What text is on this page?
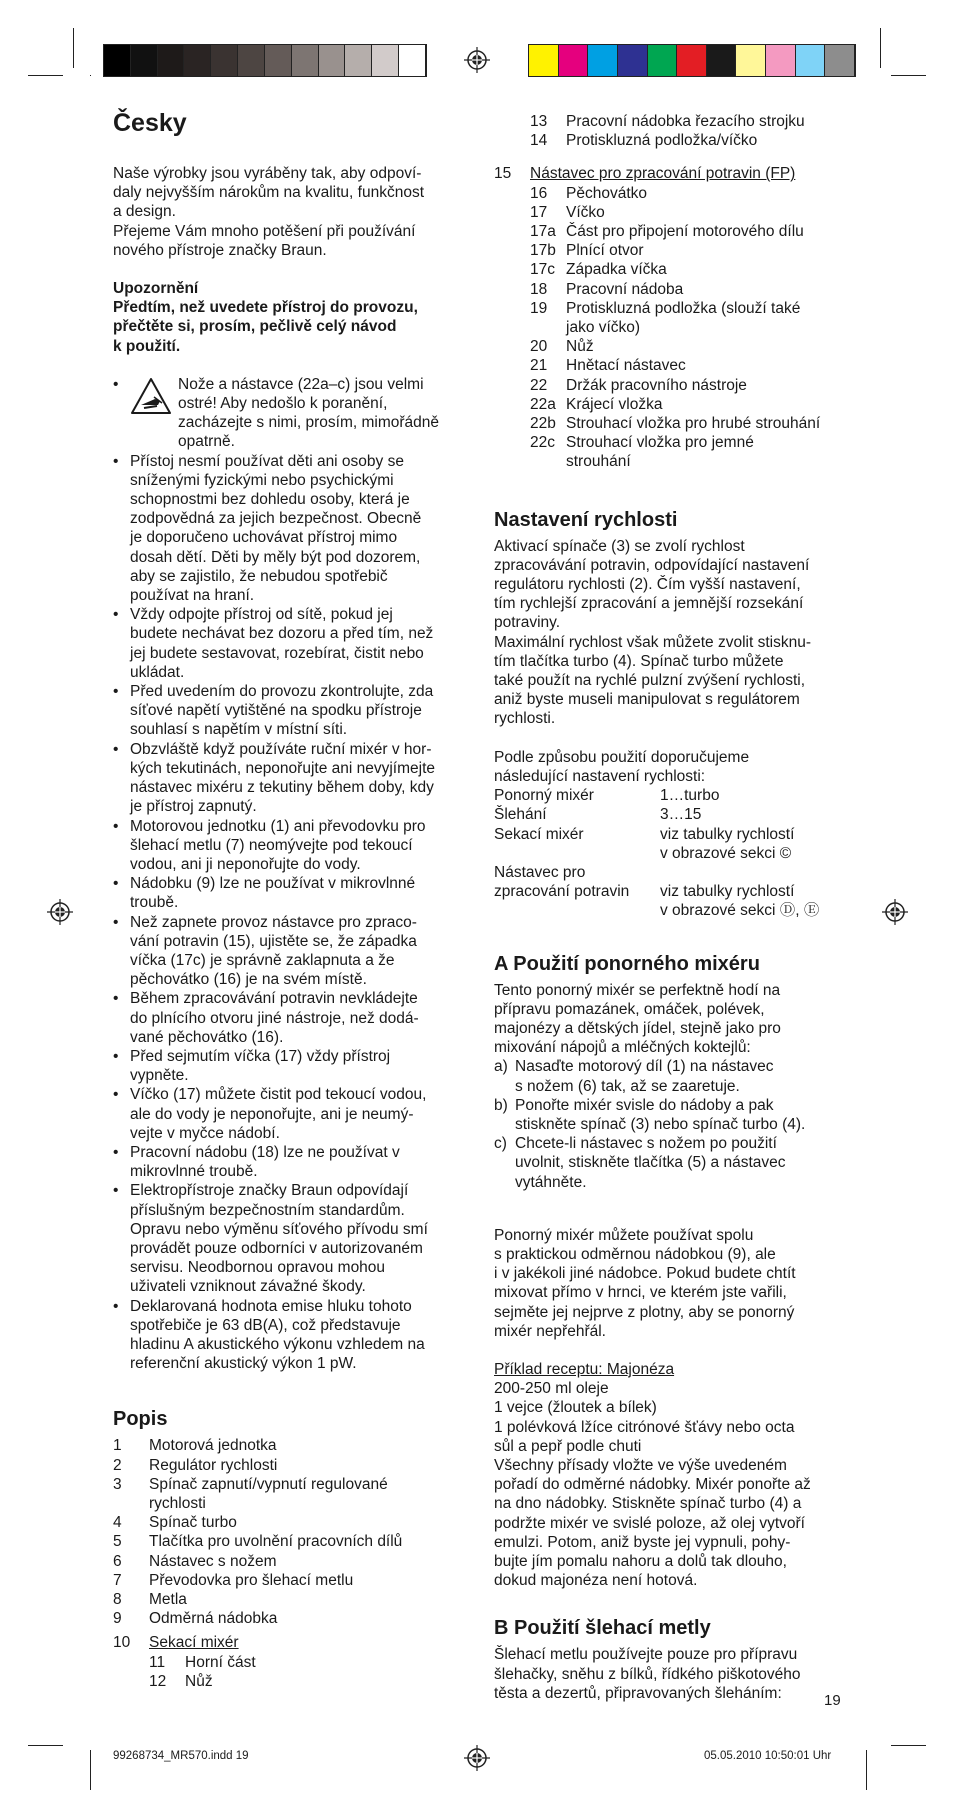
Česky

Naše výrobky jsou vyráběny tak, aby odpoví-

daly nejvyšším nárokům na kvalitu, funkčnost

a design.

Přejeme Vám mnoho potěšení při používání

nového přístroje značky Braun.

Upozornění

Předtím, než uvedete přístroj do provozu,

přečtěte si, prosím, pečlivě celý návod

k použití.

• Nože a nástavce (22a–c) jsou velmi

ostré! Aby nedošlo k poranění,

zacházejte s nimi, prosím, mimořádně

opatrně.

• Přístoj nesmí používat děti ani osoby se

sníženými fyzickými nebo psychickými

schopnostmi bez dohledu osoby, která je

zodpovědná za jejich bezpečnost. Obecně

je doporučeno uchovávat přístroj mimo

dosah dětí. Děti by měly být pod dozorem,

aby se zajistilo, že nebudou spotřebič

používat na hraní.

• Vždy odpojte přístroj od sítě, pokud jej

budete nechávat bez dozoru a před tím, než

jej budete sestavovat, rozebírat, čistit nebo

ukládat.

• Před uvedením do provozu zkontrolujte, zda

síťové napětí vytištěné na spodku přístroje

souhlasí s napětím v místní síti.

• Obzvláště když používáte ruční mixér v hor-

kých tekutinách, neponořujte ani nevyjímejte

nástavec mixéru z tekutiny během doby, kdy

je přístroj zapnutý.

• Motorovou jednotku (1) ani převodovku pro

šlehací metlu (7) neomývejte pod tekoucí

vodou, ani ji neponořujte do vody.

• Nádobku (9) lze ne používat v mikrovlnné

troubě.

• Než zapnete provoz nástavce pro zpraco-

vání potravin (15), ujistěte se, že západka

víčka (17c) je správně zaklapnuta a že

pěchovátko (16) je na svém místě.

• Během zpracovávání potravin nevkládejte

do plnícího otvoru jiné nástroje, než dodá-

vané pěchovátko (16).

• Před sejmutím víčka (17) vždy přístroj

vypněte.

• Víčko (17) můžete čistit pod tekoucí vodou,

ale do vody je neponořujte, ani je neumý-

vejte v myčce nádobí.

• Pracovní nádobu (18) lze ne používat v

mikrovlnné troubě.

• Elektropřístroje značky Braun odpovídají

příslušným bezpečnostním standardům.

Opravu nebo výměnu síťového přívodu smí

provádět pouze odborníci v autorizovaném

servisu. Neodbornou opravou mohou

uživateli vzniknout závažné škody.

• Deklarovaná hodnota emise hluku tohoto

spotřebiče je 63 dB(A), což představuje

hladinu A akustického výkonu vzhledem na

referenční akustický výkon 1 pW.

Popis
1	Motorová jednotka
2	Regulátor rychlosti
3	Spínač zapnutí/vypnutí regulované
rychlosti
4	Spínač turbo
5	Tlačítka pro uvolnění pracovních dílů
6	Nástavec s nožem
7	Převodovka pro šlehací metlu
8	Metla
9	Odměrná nádobka
10	Sekací mixér
11	Horní část
12	Nůž
13	Pracovní nádobka řezacího strojku
14	Protiskluzná podložka/víčko
15	Nástavec pro zpracování potravin (FP)
16	Pěchovátko
17	Víčko
17a Část pro připojení motorového dílu
17b Plnící otvor
17c Západka víčka
18	Pracovní nádoba
19	Protiskluzná podložka (slouží také
jako víčko)
20	Nůž
21	Hnětací nástavec
22	Držák pracovního nástroje
22a Krájecí vložka
22b Strouhací vložka pro hrubé strouhání
22c Strouhací vložka pro jemné
strouhání
Nastavení rychlosti

Aktivací spínače (3) se zvolí rychlost

zpracovávání potravin, odpovídající nastavení

regulátoru rychlosti (2). Čím vyšší nastavení,

tím rychlejší zpracování a jemnější rozsekání

potraviny.

Maximální rychlost však můžete zvolit stisknu-

tím tlačítka turbo (4). Spínač turbo můžete

také použít na rychlé pulzní zvýšení rychlosti,

aniž byste museli manipulovat s regulátorem

rychlosti.

Podle způsobu použití doporučujeme

následující nastavení rychlosti:

Ponorný mixér	1…turbo
Šlehání	3…15
Sekací mixér	viz tabulky rychlostí

v obrazové sekci ©
Nástavec pro

zpracování potravin	viz tabulky rychlostí

v obrazové sekci Ⓓ, Ⓔ
A Použití ponorného mixéru

Tento ponorný mixér se perfektně hodí na

přípravu pomazánek, omáček, polévek,

majonézy a dětských jídel, stejně jako pro

mixování nápojů a mléčných koktejlů:

a) Nasaďte motorový díl (1) na nástavec
s nožem (6) tak, až se zaaretuje.
b) Ponořte mixér svisle do nádoby a pak
stiskněte spínač (3) nebo spínač turbo (4).
c) Chcete-li nástavec s nožem po použití
uvolnit, stiskněte tlačítka (5) a nástavec
vytáhněte.

Ponorný mixér můžete používat spolu

s praktickou odměrnou nádobkou (9), ale

i v jakékoli jiné nádobce. Pokud budete chtít

mixovat přímo v hrnci, ve kterém jste vařili,

sejměte jej nejprve z plotny, aby se ponorný

mixér nepřehřál.

Příklad receptu: Majonéza

200-250 ml oleje

1 vejce (žloutek a bílek)

1 polévková lžíce citrónové šťávy nebo octa

sůl a pepř podle chuti

Všechny přísady vložte ve výše uvedeném

pořadí do odměrné nádobky. Mixér ponořte až

na dno nádobky. Stiskněte spínač turbo (4) a

podržte mixér ve svislé poloze, až olej vytvoří

emulzi. Potom, aniž byste jej vypnuli, pohy-

bujte jím pomalu nahoru a dolů tak dlouho,

dokud majonéza není hotová.

B Použití šlehací metly

Šlehací metlu používejte pouze pro přípravu

šlehačky, sněhu z bílků, řídkého piškotového

těsta a dezertů, připravovaných šleháním:	19
99268734_MR570.indd 19	05.05.2010 10:50:01 Uhr
